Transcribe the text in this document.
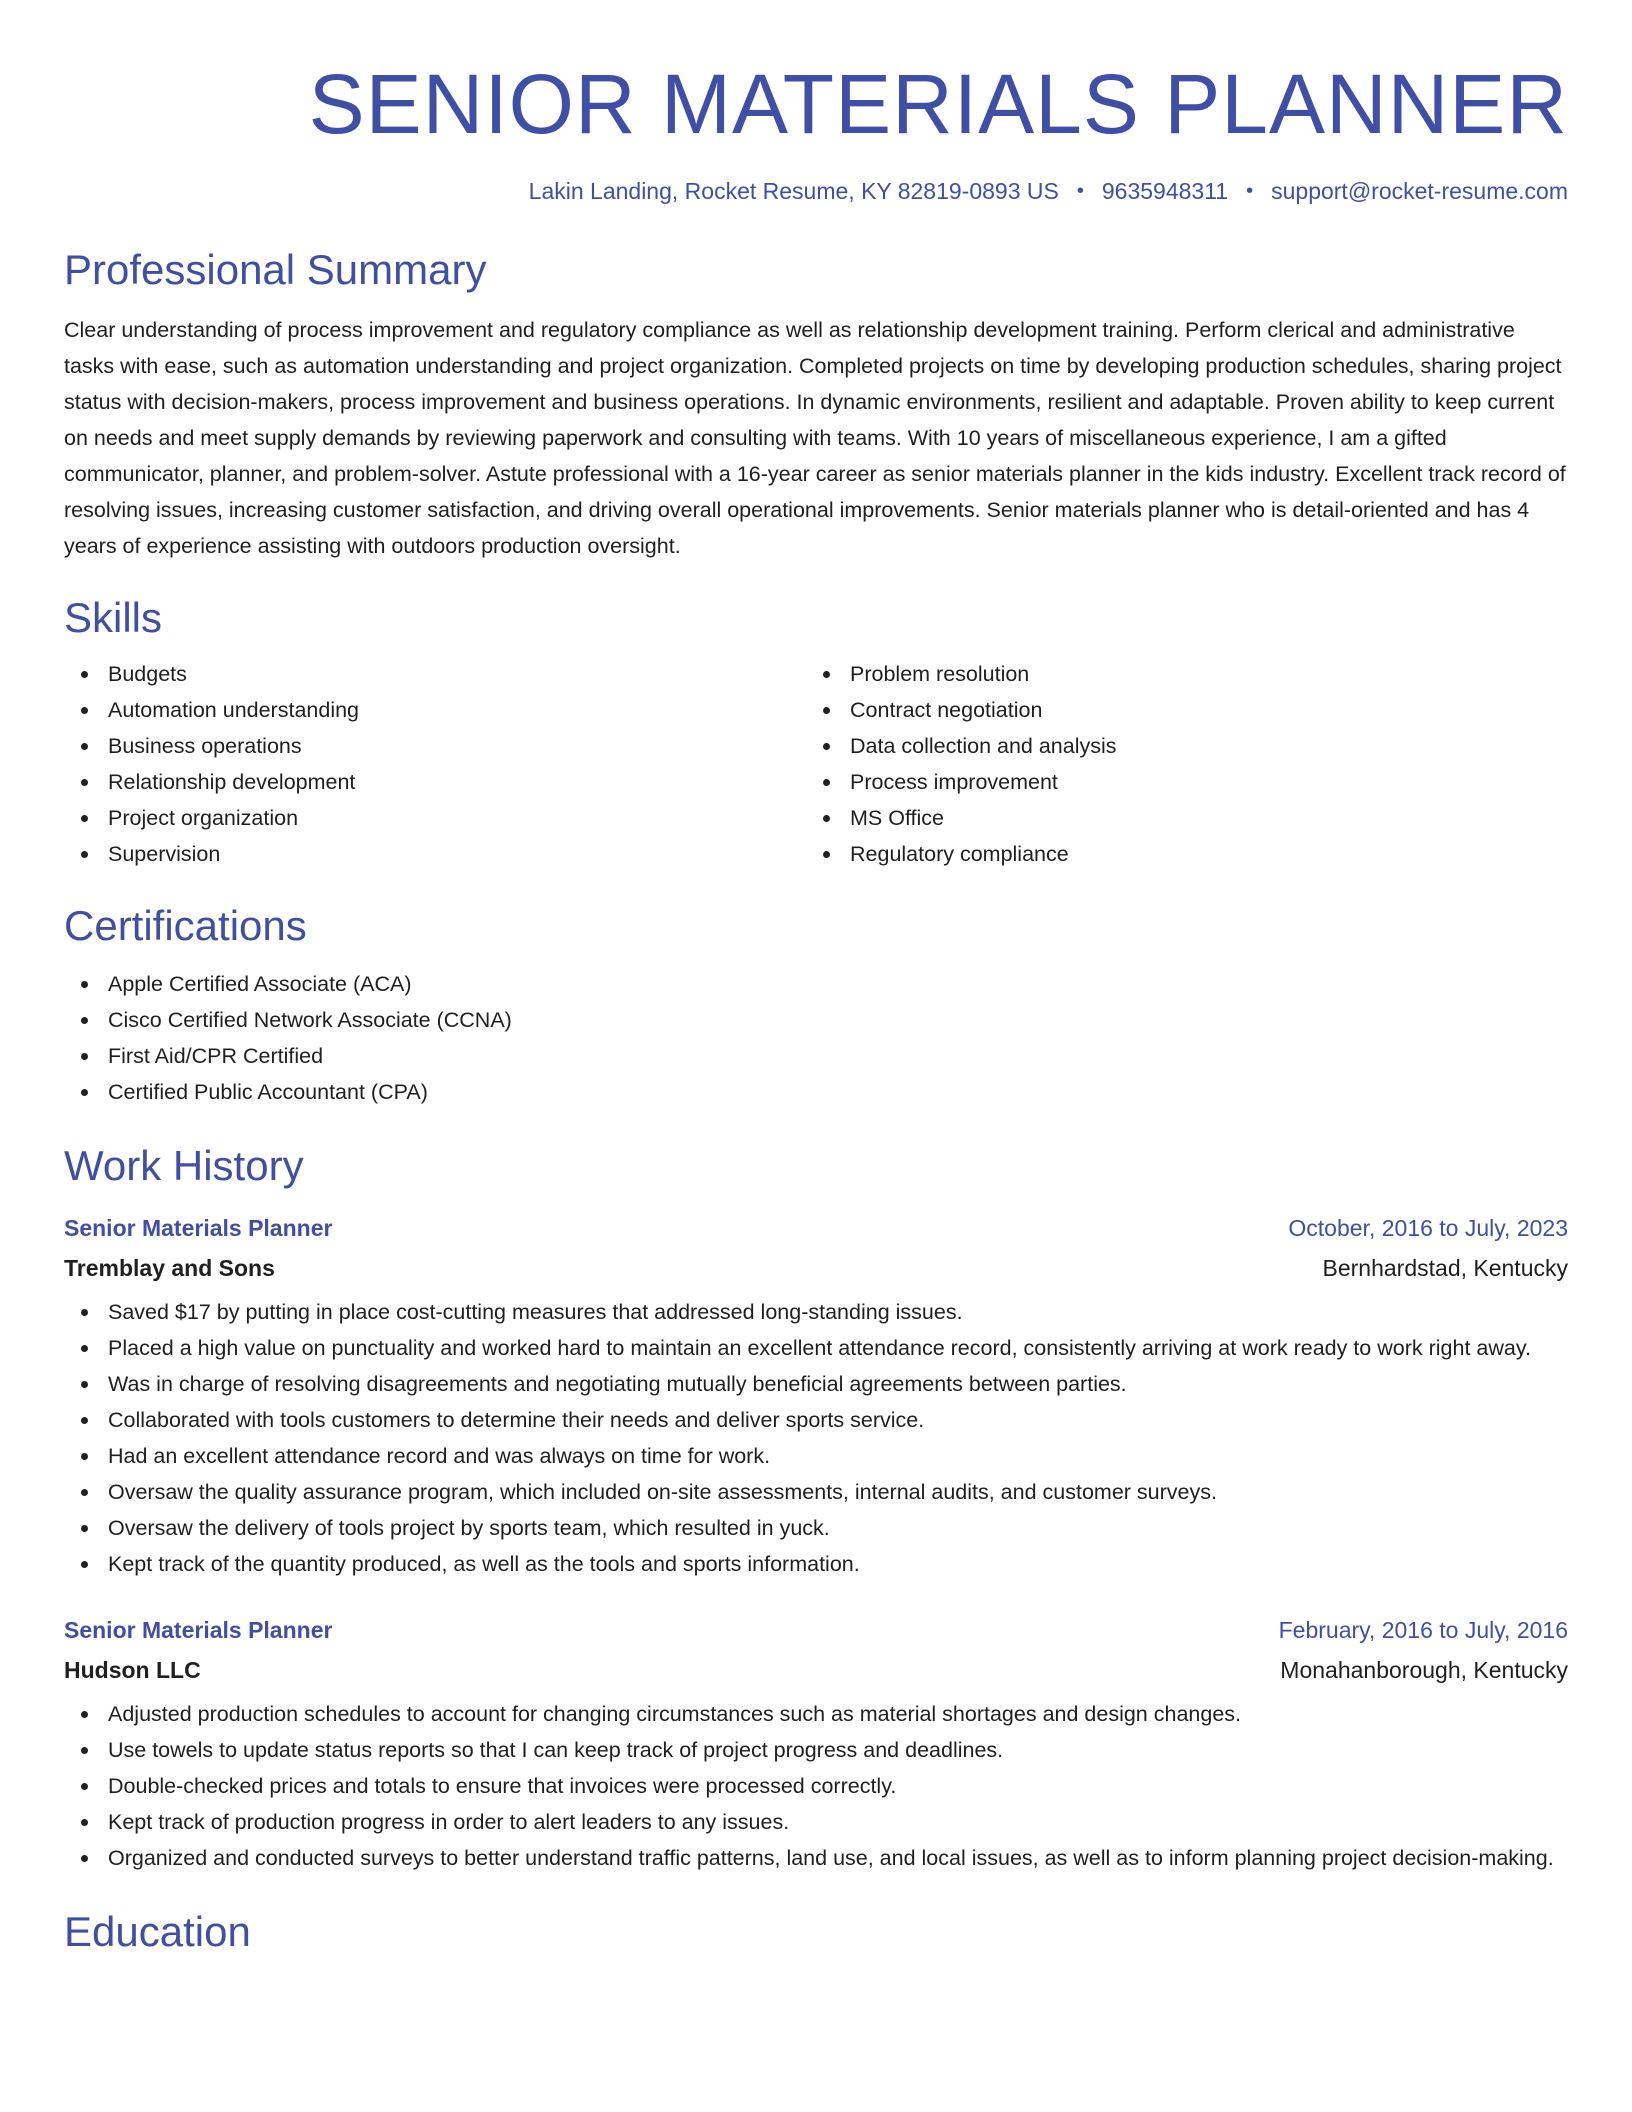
SENIOR MATERIALS PLANNER
Lakin Landing, Rocket Resume, KY 82819-0893 US • 9635948311 • support@rocket-resume.com
Professional Summary

Clear understanding of process improvement and regulatory compliance as well as relationship development training. Perform clerical and administrative tasks with ease, such as automation understanding and project organization. Completed projects on time by developing production schedules, sharing project status with decision-makers, process improvement and business operations. In dynamic environments, resilient and adaptable. Proven ability to keep current on needs and meet supply demands by reviewing paperwork and consulting with teams. With 10 years of miscellaneous experience, I am a gifted communicator, planner, and problem-solver. Astute professional with a 16-year career as senior materials planner in the kids industry. Excellent track record of resolving issues, increasing customer satisfaction, and driving overall operational improvements. Senior materials planner who is detail-oriented and has 4 years of experience assisting with outdoors production oversight.

Skills
Budgets
Automation understanding
Business operations
Relationship development
Project organization
Supervision
Problem resolution
Contract negotiation
Data collection and analysis
Process improvement
MS Office
Regulatory compliance
Certifications
Apple Certified Associate (ACA)
Cisco Certified Network Associate (CCNA)
First Aid/CPR Certified
Certified Public Accountant (CPA)
Work History
Senior Materials Planner	October, 2016 to July, 2023
Tremblay and Sons	Bernhardstad, Kentucky
Saved $17 by putting in place cost-cutting measures that addressed long-standing issues.
Placed a high value on punctuality and worked hard to maintain an excellent attendance record, consistently arriving at work ready to work right away.
Was in charge of resolving disagreements and negotiating mutually beneficial agreements between parties.
Collaborated with tools customers to determine their needs and deliver sports service.
Had an excellent attendance record and was always on time for work.
Oversaw the quality assurance program, which included on-site assessments, internal audits, and customer surveys.
Oversaw the delivery of tools project by sports team, which resulted in yuck.
Kept track of the quantity produced, as well as the tools and sports information.
Senior Materials Planner	February, 2016 to July, 2016
Hudson LLC	Monahanborough, Kentucky
Adjusted production schedules to account for changing circumstances such as material shortages and design changes.
Use towels to update status reports so that I can keep track of project progress and deadlines.
Double-checked prices and totals to ensure that invoices were processed correctly.
Kept track of production progress in order to alert leaders to any issues.
Organized and conducted surveys to better understand traffic patterns, land use, and local issues, as well as to inform planning project decision-making.
Education
